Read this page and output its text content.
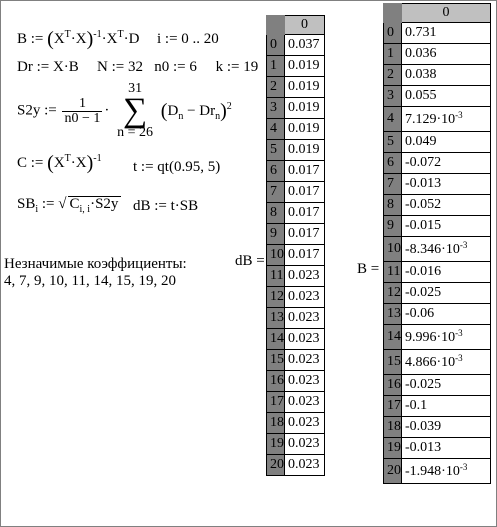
B := $(X^T\cdot X)^{-1}\cdot X^T\cdot D$ i := 0 .. 20
Dr := X·B N := 32   n0 := 6     k := 19
S2y := $\frac{1}{n0 - 1}$ ·
31
∑
n = 26
$(D_n - Dr_n)^2$
C := $(X^T\cdot X)^{-1}$
t := qt(0.95, 5)
$SB_i$ := √ $C_{i, i}\cdot S2y$ dB := t·SB
Незначимые коэффициенты:
4, 7, 9, 10, 11, 14, 15, 19, 20
dB =
	0
0	0.037
1	0.019
2	0.019
3	0.019
4	0.019
5	0.019
6	0.017
7	0.017
8	0.017
9	0.017
10	0.017
11	0.023
12	0.023
13	0.023
14	0.023
15	0.023
16	0.023
17	0.023
18	0.023
19	0.023
20	0.023
B =
	0
0	0.731
1	0.036
2	0.038
3	0.055
4	$7.129\cdot 10^{-3}$
5	0.049
6	-0.072
7	-0.013
8	-0.052
9	-0.015
10	$-8.346\cdot 10^{-3}$
11	-0.016
12	-0.025
13	-0.06
14	$9.996\cdot 10^{-3}$
15	$4.866\cdot 10^{-3}$
16	-0.025
17	-0.1
18	-0.039
19	-0.013
20	$-1.948\cdot 10^{-3}$
